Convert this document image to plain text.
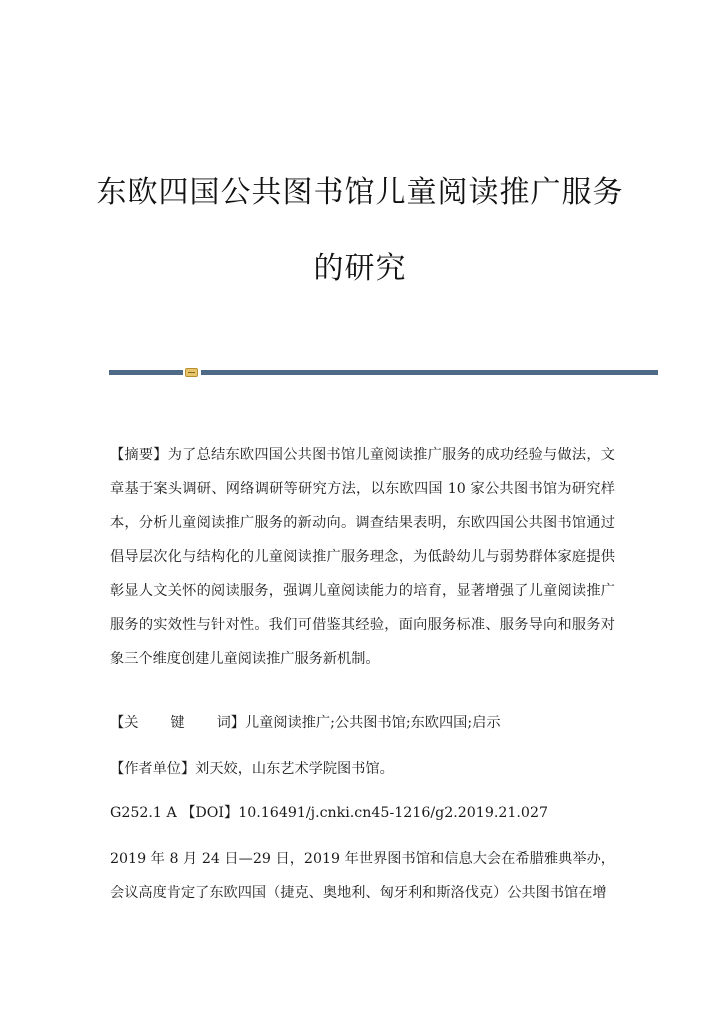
东欧四国公共图书馆儿童阅读推广服务
的研究

【摘要】为了总结东欧四国公共图书馆儿童阅读推广服务的成功经验与做法，文章基于案头调研、网络调研等研究方法，以东欧四国 10 家公共图书馆为研究样本，分析儿童阅读推广服务的新动向。调查结果表明，东欧四国公共图书馆通过倡导层次化与结构化的儿童阅读推广服务理念，为低龄幼儿与弱势群体家庭提供彰显人文关怀的阅读服务，强调儿童阅读能力的培育，显著增强了儿童阅读推广服务的实效性与针对性。我们可借鉴其经验，面向服务标准、服务导向和服务对象三个维度创建儿童阅读推广服务新机制。

【关 键 词】儿童阅读推广;公共图书馆;东欧四国;启示

【作者单位】刘天姣，山东艺术学院图书馆。

G252.1 A 【DOI】10.16491/j.cnki.cn45-1216/g2.2019.21.027

2019 年 8 月 24 日—29 日，2019 年世界图书馆和信息大会在希腊雅典举办，会议高度肯定了东欧四国（捷克、奥地利、匈牙利和斯洛伐克）公共图书馆在增
